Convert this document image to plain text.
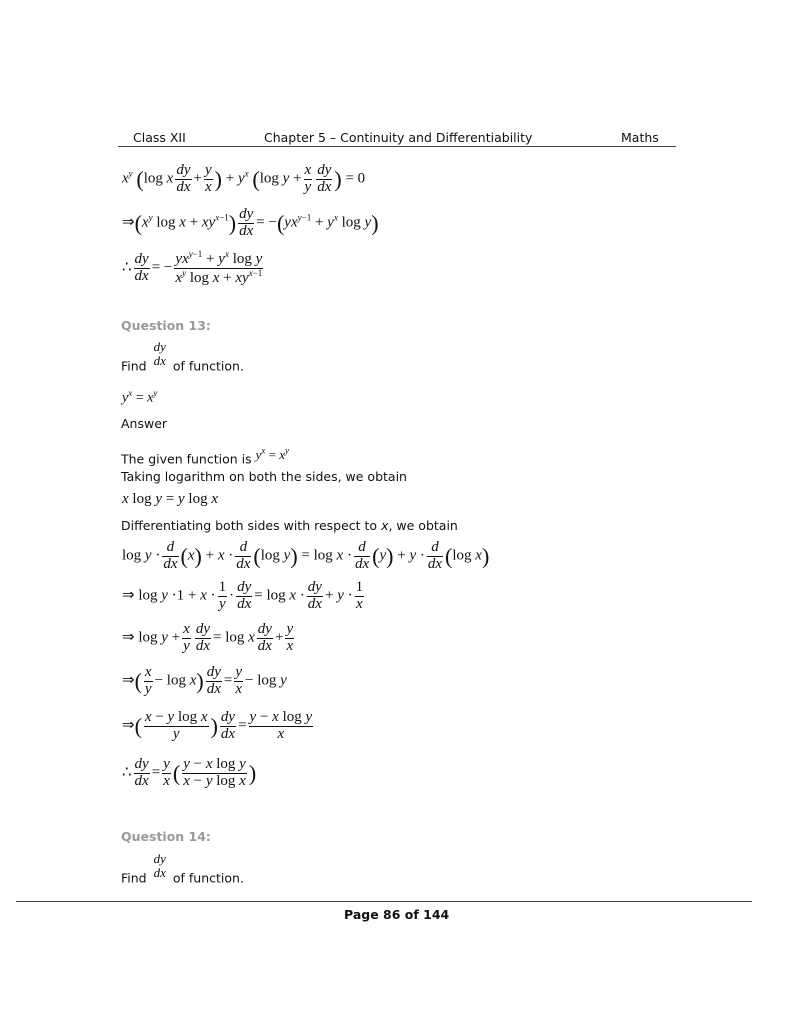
Class XII	Chapter 5 – Continuity and Differentiability	Maths
$x^y$ (log x $\frac{dy}{dx} + \frac{y}{x}$ ) + $y^x$ (log $y + \frac{x}{y} \frac{dy}{dx}$ ) = 0
$\Rightarrow(x^y$ $\log x + xy^{x-1}) \frac{dy}{dx} = -(yx^{y-1} + y^x$ log y)
∴ $\frac{dy}{dx}$ = − $\frac{yx^{y-1} + y^x \log y}{x^y \log x + xy^{x-1}}$
Question 13:
Find
dy
dx of function.
$y^x = x^y$
Answer
The given function is $y^x = x^y$
Taking logarithm on both the sides, we obtain
x log y = y log x
Differentiating both sides with respect to x, we obtain
$\log y \cdot \frac{d}{dx} (x) + x \cdot \frac{d}{dx} (\log$ $y) = \log x \cdot \frac{d}{dx} (y) + y \cdot \frac{d}{dx} (\log$ x)
⇒ $\log y \cdot 1 + x \cdot \frac{1}{y} \cdot \frac{dy}{dx} = \log x \cdot \frac{dy}{dx} + y \cdot \frac{1}{x}$
⇒ $\log y + \frac{x}{y} \frac{dy}{dx} = \log x \frac{dy}{dx} + \frac{y}{x}$
⇒( $\frac{x}{y} - \log x) \frac{dy}{dx} = \frac{y}{x} - \log y$
⇒( $\frac{\text{x − y log x}}{y}$ ) $\frac{dy}{dx} = \frac{\text{y − x log y}}{x}$
∴ $\frac{dy}{dx} = \frac{y}{x}$ ( $\frac{\text{y − x log y}}{\text{x − y log x}}$ )
Question 14:
Find
dy
dx of function.
Page 86 of 144
